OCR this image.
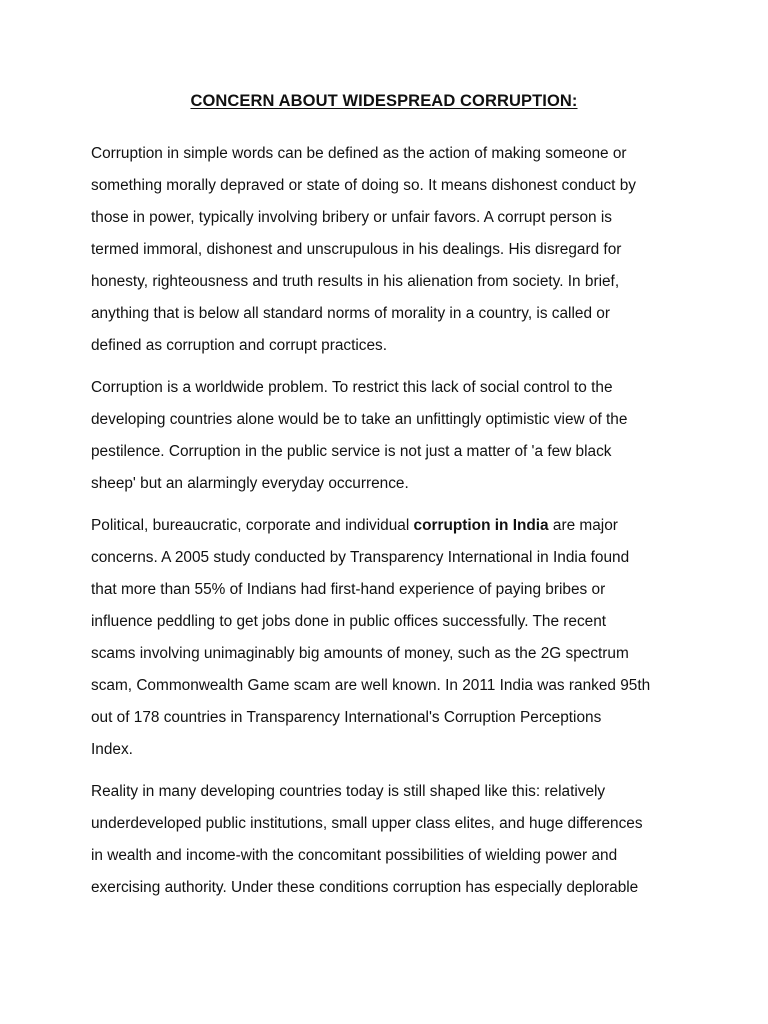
CONCERN ABOUT WIDESPREAD CORRUPTION:

Corruption in simple words can be defined as the action of making someone or
something morally depraved or state of doing so. It means dishonest conduct by
those in power, typically involving bribery or unfair favors. A corrupt person is
termed immoral, dishonest and unscrupulous in his dealings. His disregard for
honesty, righteousness and truth results in his alienation from society. In brief,
anything that is below all standard norms of morality in a country, is called or
defined as corruption and corrupt practices.

Corruption is a worldwide problem. To restrict this lack of social control to the
developing countries alone would be to take an unfittingly optimistic view of the
pestilence. Corruption in the public service is not just a matter of 'a few black
sheep' but an alarmingly everyday occurrence.

Political, bureaucratic, corporate and individual corruption in India are major
concerns. A 2005 study conducted by Transparency International in India found
that more than 55% of Indians had first-hand experience of paying bribes or
influence peddling to get jobs done in public offices successfully. The recent
scams involving unimaginably big amounts of money, such as the 2G spectrum
scam, Commonwealth Game scam are well known. In 2011 India was ranked 95th
out of 178 countries in Transparency International's Corruption Perceptions
Index.

Reality in many developing countries today is still shaped like this: relatively
underdeveloped public institutions, small upper class elites, and huge differences
in wealth and income-with the concomitant possibilities of wielding power and
exercising authority. Under these conditions corruption has especially deplorable
